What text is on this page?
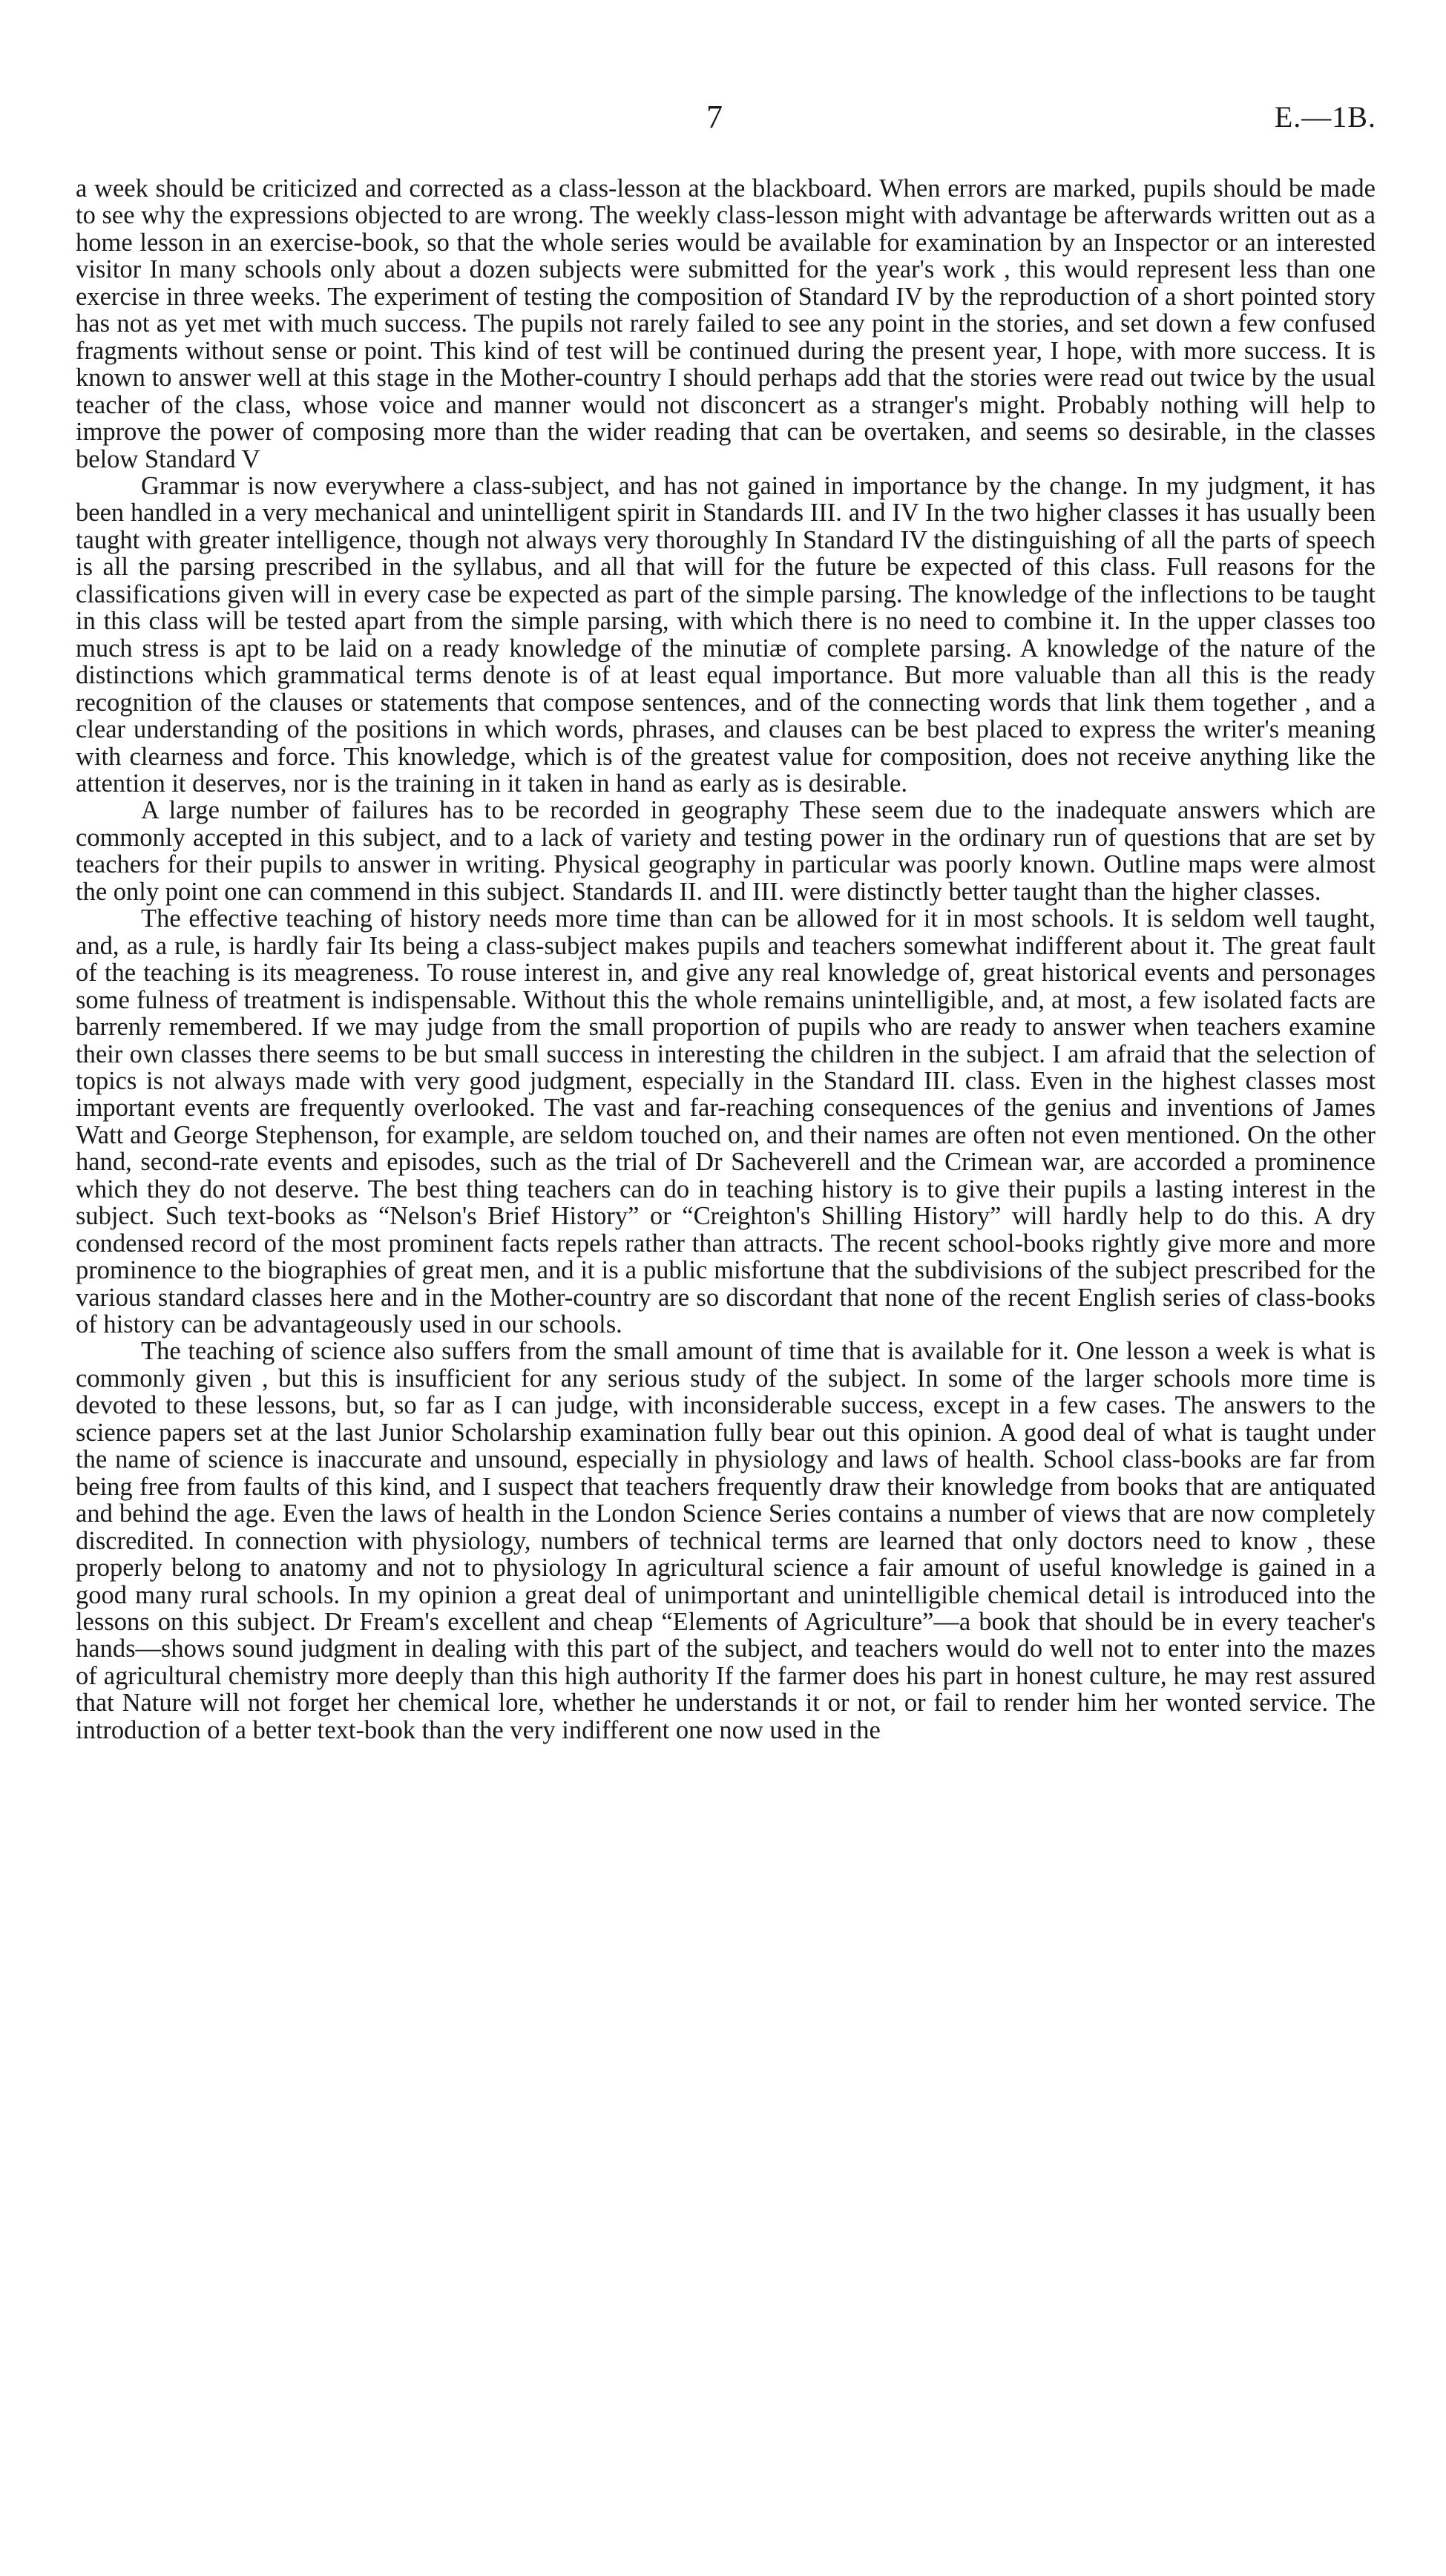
7	E.—1B.

a week should be criticized and corrected as a class-lesson at the blackboard. When errors are marked, pupils should be made to see why the expressions objected to are wrong. The weekly class-lesson might with advantage be afterwards written out as a home lesson in an exercise-book, so that the whole series would be available for examination by an Inspector or an interested visitor In many schools only about a dozen subjects were submitted for the year's work , this would represent less than one exercise in three weeks. The experiment of testing the composition of Standard IV by the reproduction of a short pointed story has not as yet met with much success. The pupils not rarely failed to see any point in the stories, and set down a few confused fragments without sense or point. This kind of test will be continued during the present year, I hope, with more success. It is known to answer well at this stage in the Mother-country I should perhaps add that the stories were read out twice by the usual teacher of the class, whose voice and manner would not disconcert as a stranger's might. Probably nothing will help to improve the power of composing more than the wider reading that can be overtaken, and seems so desirable, in the classes below Standard V

Grammar is now everywhere a class-subject, and has not gained in importance by the change. In my judgment, it has been handled in a very mechanical and unintelligent spirit in Standards III. and IV In the two higher classes it has usually been taught with greater intelligence, though not always very thoroughly In Standard IV the distinguishing of all the parts of speech is all the parsing prescribed in the syllabus, and all that will for the future be expected of this class. Full reasons for the classifications given will in every case be expected as part of the simple parsing. The knowledge of the inflections to be taught in this class will be tested apart from the simple parsing, with which there is no need to combine it. In the upper classes too much stress is apt to be laid on a ready knowledge of the minutiæ of complete parsing. A knowledge of the nature of the distinctions which grammatical terms denote is of at least equal importance. But more valuable than all this is the ready recognition of the clauses or statements that compose sentences, and of the connecting words that link them together , and a clear understanding of the positions in which words, phrases, and clauses can be best placed to express the writer's meaning with clearness and force. This knowledge, which is of the greatest value for composition, does not receive anything like the attention it deserves, nor is the training in it taken in hand as early as is desirable.

A large number of failures has to be recorded in geography These seem due to the inadequate answers which are commonly accepted in this subject, and to a lack of variety and testing power in the ordinary run of questions that are set by teachers for their pupils to answer in writing. Physical geography in particular was poorly known. Outline maps were almost the only point one can commend in this subject. Standards II. and III. were distinctly better taught than the higher classes.

The effective teaching of history needs more time than can be allowed for it in most schools. It is seldom well taught, and, as a rule, is hardly fair Its being a class-subject makes pupils and teachers somewhat indifferent about it. The great fault of the teaching is its meagreness. To rouse interest in, and give any real knowledge of, great historical events and personages some fulness of treatment is indispensable. Without this the whole remains unintelligible, and, at most, a few isolated facts are barrenly remembered. If we may judge from the small proportion of pupils who are ready to answer when teachers examine their own classes there seems to be but small success in interesting the children in the subject. I am afraid that the selection of topics is not always made with very good judgment, especially in the Standard III. class. Even in the highest classes most important events are frequently overlooked. The vast and far-reaching consequences of the genius and inventions of James Watt and George Stephenson, for example, are seldom touched on, and their names are often not even mentioned. On the other hand, second-rate events and episodes, such as the trial of Dr Sacheverell and the Crimean war, are accorded a prominence which they do not deserve. The best thing teachers can do in teaching history is to give their pupils a lasting interest in the subject. Such text-books as “Nelson's Brief History” or “Creighton's Shilling History” will hardly help to do this. A dry condensed record of the most prominent facts repels rather than attracts. The recent school-books rightly give more and more prominence to the biographies of great men, and it is a public misfortune that the subdivisions of the subject prescribed for the various standard classes here and in the Mother-country are so discordant that none of the recent English series of class-books of history can be advantageously used in our schools.

The teaching of science also suffers from the small amount of time that is available for it. One lesson a week is what is commonly given , but this is insufficient for any serious study of the subject. In some of the larger schools more time is devoted to these lessons, but, so far as I can judge, with inconsiderable success, except in a few cases. The answers to the science papers set at the last Junior Scholarship examination fully bear out this opinion. A good deal of what is taught under the name of science is inaccurate and unsound, especially in physiology and laws of health. School class-books are far from being free from faults of this kind, and I suspect that teachers frequently draw their knowledge from books that are antiquated and behind the age. Even the laws of health in the London Science Series contains a number of views that are now completely discredited. In connection with physiology, numbers of technical terms are learned that only doctors need to know , these properly belong to anatomy and not to physiology In agricultural science a fair amount of useful knowledge is gained in a good many rural schools. In my opinion a great deal of unimportant and unintelligible chemical detail is introduced into the lessons on this subject. Dr Fream's excellent and cheap “Elements of Agriculture”—a book that should be in every teacher's hands—shows sound judgment in dealing with this part of the subject, and teachers would do well not to enter into the mazes of agricultural chemistry more deeply than this high authority If the farmer does his part in honest culture, he may rest assured that Nature will not forget her chemical lore, whether he understands it or not, or fail to render him her wonted service. The introduction of a better text-book than the very indifferent one now used in the
